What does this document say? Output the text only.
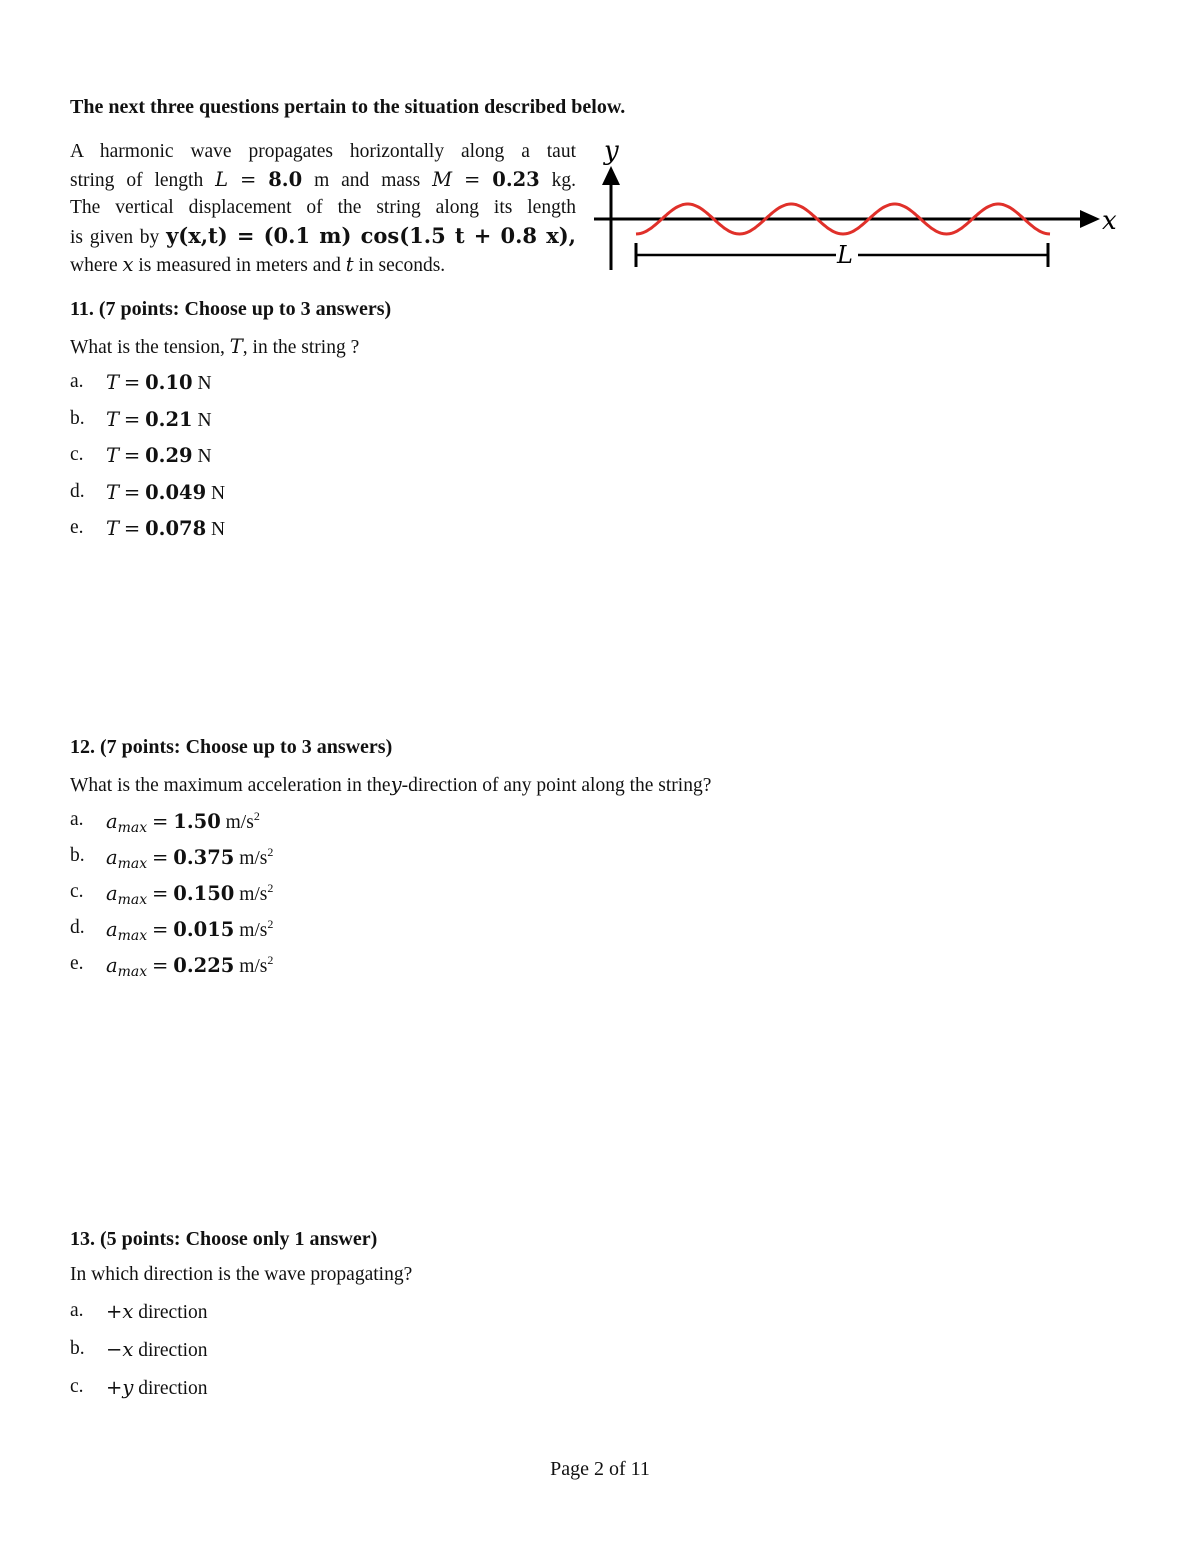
The next three questions pertain to the situation described below.
A harmonic wave propagates horizontally along a taut
string of length L = 8.0 m and mass M = 0.23 kg.
The vertical displacement of the string along its length
is given by y(x,t) = (0.1 m) cos(1.5 t + 0.8 x),
where x is measured in meters and t in seconds.
y
x
L
11. (7 points: Choose up to 3 answers)
What is the tension, T, in the string ?
a.	T = 0.10 N
b.	T = 0.21 N
c.	T = 0.29 N
d.	T = 0.049 N
e.	T = 0.078 N
12. (7 points: Choose up to 3 answers)
What is the maximum acceleration in they-direction of any point along the string?
a.	$a_{max} = 1.50$ $m/s^2$
b.	$a_{max} = 0.375$ $m/s^2$
c.	$a_{max} = 0.150$ $m/s^2$
d.	$a_{max} = 0.015$ $m/s^2$
e.	$a_{max} = 0.225$ $m/s^2$
13. (5 points: Choose only 1 answer)
In which direction is the wave propagating?
a.	+x direction
b.	−x direction
c.	+y direction
Page 2 of 11
